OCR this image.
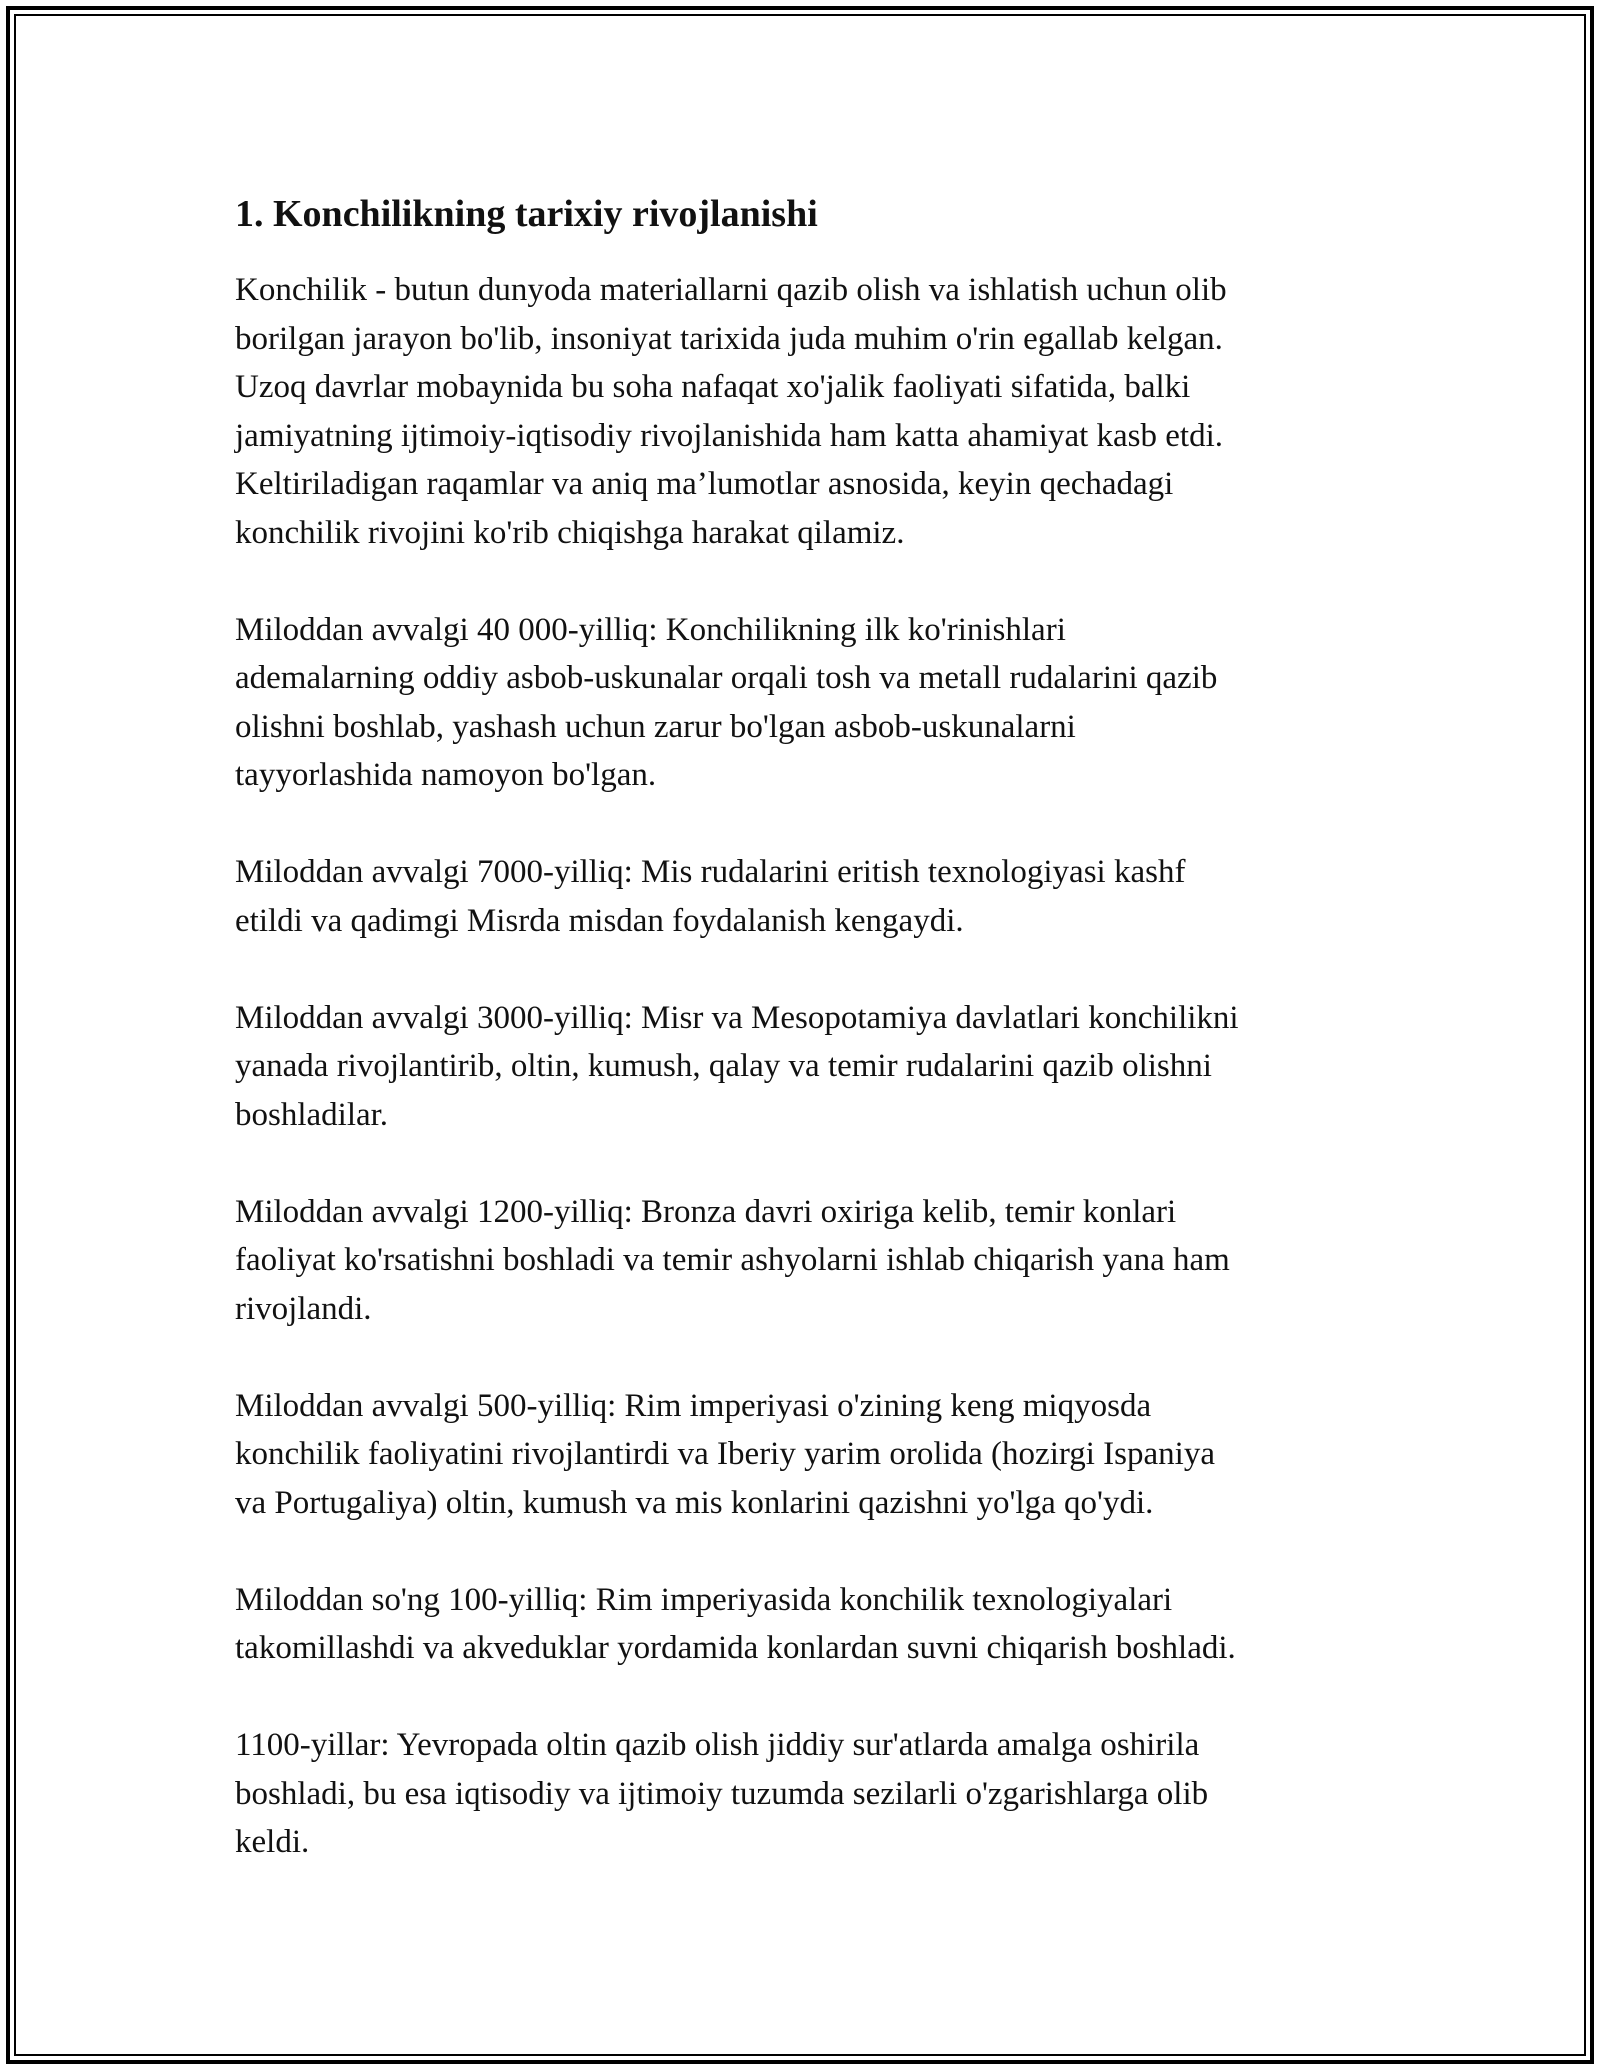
1. Konchilikning tarixiy rivojlanishi

Konchilik - butun dunyoda materiallarni qazib olish va ishlatish uchun olib
borilgan jarayon bo'lib, insoniyat tarixida juda muhim o'rin egallab kelgan.
Uzoq davrlar mobaynida bu soha nafaqat xo'jalik faoliyati sifatida, balki
jamiyatning ijtimoiy-iqtisodiy rivojlanishida ham katta ahamiyat kasb etdi.
Keltiriladigan raqamlar va aniq ma’lumotlar asnosida, keyin qechadagi
konchilik rivojini ko'rib chiqishga harakat qilamiz.

Miloddan avvalgi 40 000-yilliq: Konchilikning ilk ko'rinishlari
ademalarning oddiy asbob-uskunalar orqali tosh va metall rudalarini qazib
olishni boshlab, yashash uchun zarur bo'lgan asbob-uskunalarni
tayyorlashida namoyon bo'lgan.

Miloddan avvalgi 7000-yilliq: Mis rudalarini eritish texnologiyasi kashf
etildi va qadimgi Misrda misdan foydalanish kengaydi.

Miloddan avvalgi 3000-yilliq: Misr va Mesopotamiya davlatlari konchilikni
yanada rivojlantirib, oltin, kumush, qalay va temir rudalarini qazib olishni
boshladilar.

Miloddan avvalgi 1200-yilliq: Bronza davri oxiriga kelib, temir konlari
faoliyat ko'rsatishni boshladi va temir ashyolarni ishlab chiqarish yana ham
rivojlandi.

Miloddan avvalgi 500-yilliq: Rim imperiyasi o'zining keng miqyosda
konchilik faoliyatini rivojlantirdi va Iberiy yarim orolida (hozirgi Ispaniya
va Portugaliya) oltin, kumush va mis konlarini qazishni yo'lga qo'ydi.

Miloddan so'ng 100-yilliq: Rim imperiyasida konchilik texnologiyalari
takomillashdi va akveduklar yordamida konlardan suvni chiqarish boshladi.

1100-yillar: Yevropada oltin qazib olish jiddiy sur'atlarda amalga oshirila
boshladi, bu esa iqtisodiy va ijtimoiy tuzumda sezilarli o'zgarishlarga olib
keldi.
